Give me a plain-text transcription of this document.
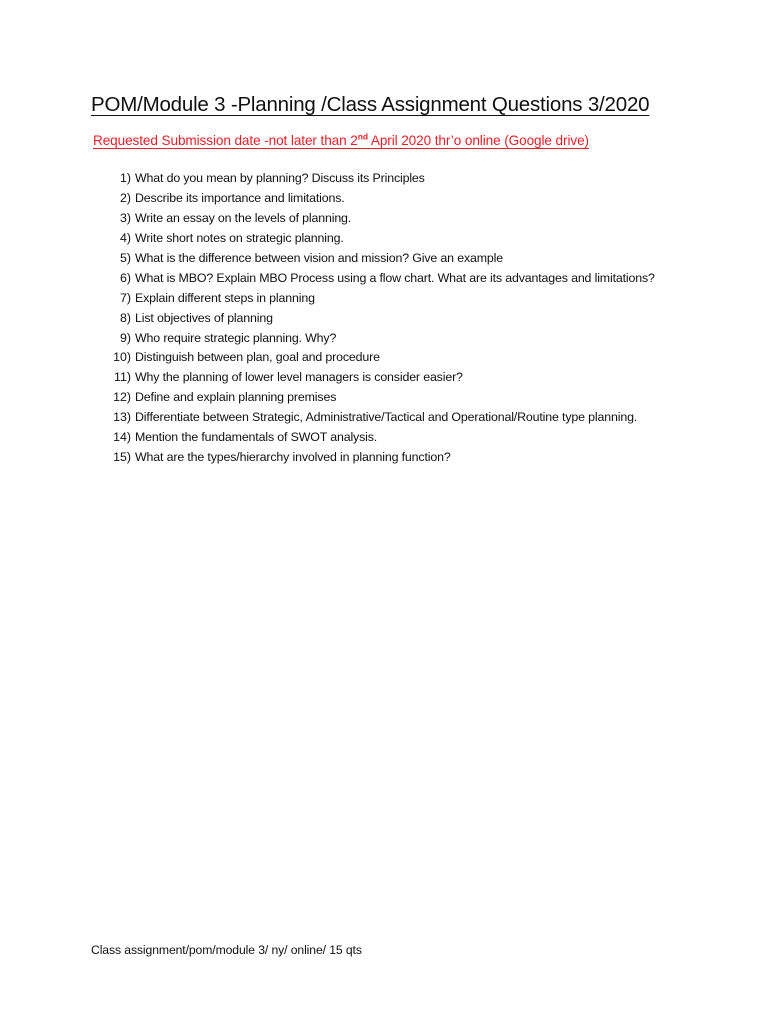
POM/Module 3 -Planning /Class Assignment Questions 3/2020
Requested Submission date -not later than 2nd April 2020 thr’o online (Google drive)
1) What do you mean by planning? Discuss its Principles
2) Describe its importance and limitations.
3) Write an essay on the levels of planning.
4) Write short notes on strategic planning.
5) What is the difference between vision and mission? Give an example
6) What is MBO? Explain MBO Process using a flow chart. What are its advantages and limitations?
7) Explain different steps in planning
8) List objectives of planning
9) Who require strategic planning. Why?
10) Distinguish between plan, goal and procedure
11) Why the planning of lower level managers is consider easier?
12) Define and explain planning premises
13) Differentiate between Strategic, Administrative/Tactical and Operational/Routine type planning.
14) Mention the fundamentals of SWOT analysis.
15) What are the types/hierarchy involved in planning function?
Class assignment/pom/module 3/ ny/ online/ 15 qts
